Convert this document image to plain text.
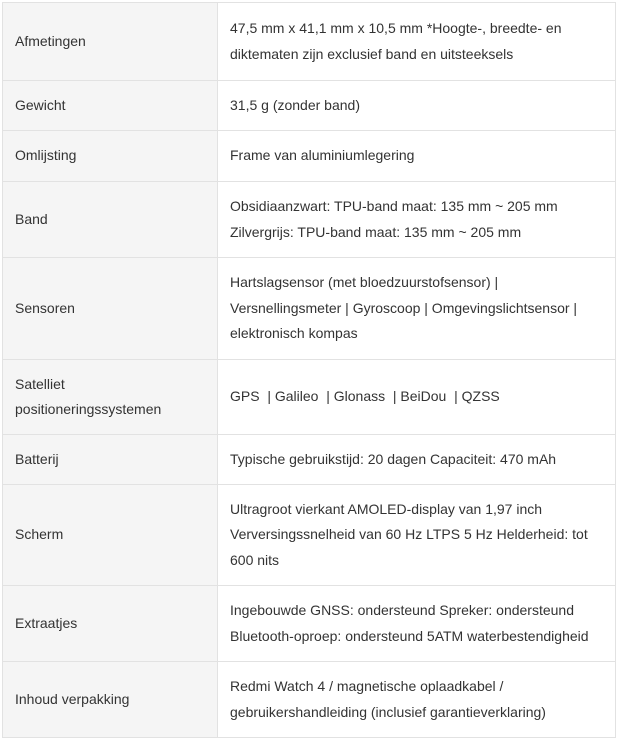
Afmetingen	47,5 mm x 41,1 mm x 10,5 mm *Hoogte-, breedte- en
diktematen zijn exclusief band en uitsteeksels

Gewicht	31,5 g (zonder band)

Omlijsting	Frame van aluminiumlegering

Band	Obsidiaanzwart: TPU-band maat: 135 mm ~ 205 mm
Zilvergrijs: TPU-band maat: 135 mm ~ 205 mm

Sensoren	Hartslagsensor (met bloedzuurstofsensor) |
Versnellingsmeter | Gyroscoop | Omgevingslichtsensor |
elektronisch kompas

Satelliet
positioneringssystemen	GPS  | Galileo  | Glonass  | BeiDou  | QZSS

Batterij	Typische gebruikstijd: 20 dagen Capaciteit: 470 mAh

Scherm	Ultragroot vierkant AMOLED-display van 1,97 inch
Verversingssnelheid van 60 Hz LTPS 5 Hz Helderheid: tot
600 nits

Extraatjes	Ingebouwde GNSS: ondersteund Spreker: ondersteund
Bluetooth-oproep: ondersteund 5ATM waterbestendigheid

Inhoud verpakking	Redmi Watch 4 / magnetische oplaadkabel /
gebruikershandleiding (inclusief garantieverklaring)
